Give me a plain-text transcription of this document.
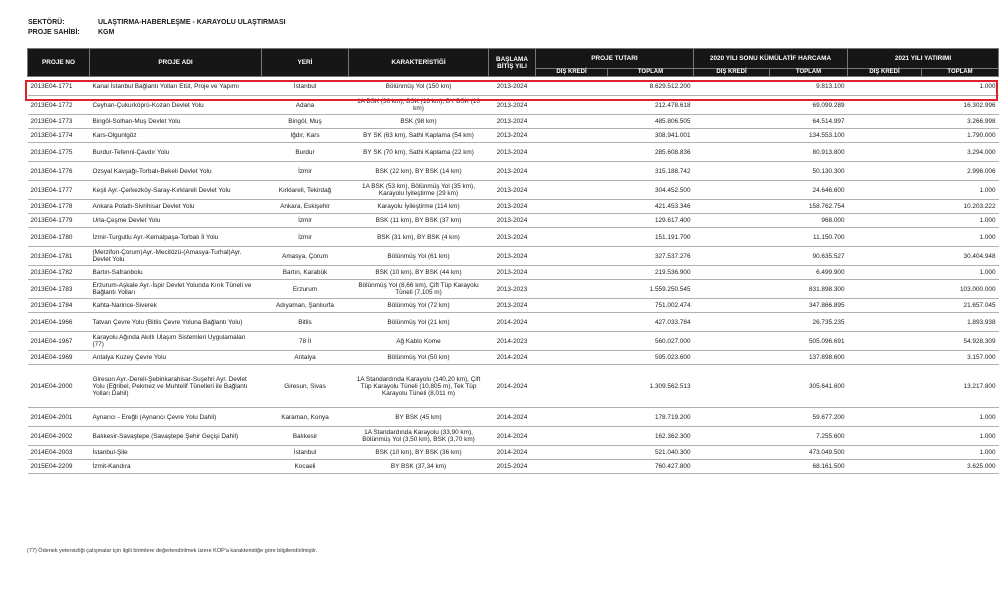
SEKTÖRÜ:	ULAŞTIRMA-HABERLEŞME - KARAYOLU ULAŞTIRMASI
PROJE SAHİBİ:	KGM
PROJE NO	PROJE ADI	YERİ	KARAKTERİSTİĞİ	BAŞLAMA BİTİŞ YILI	PROJE TUTARI		2020 YILI SONU KÜMÜLATİF HARCAMA		2021 YILI YATIRIMI	
					DIŞ KREDİ	TOPLAM	DIŞ KREDİ	TOPLAM	DIŞ KREDİ	TOPLAM
2013E04-1771	Kanal İstanbul Bağlantı Yolları Etüt, Proje ve Yapımı	İstanbul	Bölünmüş Yol (150 km)	2013-2024		8.629.512.200		9.813.100		1.000
2013E04-1772	Ceyhan-Çukurköprü-Kozan Devlet Yolu	Adana	1A BSK (30 km), BSK (16 km), BY BSK (10 km)	2013-2024		212.478.618		69.099.289		16.302.996
2013E04-1773	Bingöl-Solhan-Muş Devlet Yolu	Bingöl, Muş	BSK (98 km)	2013-2024		485.806.505		64.514.997		3.266.998
2013E04-1774	Kars-Olgunlgöz	Iğdır, Kars	BY SK (63 km), Sathi Kaplama (54 km)	2013-2024		308.941.001		134.553.100		1.790.000
2013E04-1775	Burdur-Tefenni-Çavdır Yolu	Burdur	BY SK (70 km), Sathi Kaplama (22 km)	2013-2024		285.608.836		80.913.800		3.294.000
2013E04-1776	Ozsyal Kavşağı-Torbalı-Bekeli Devlet Yolu	İzmir	BSK (22 km), BY BSK (14 km)	2013-2024		315.188.742		50.130.300		2.996.006
2013E04-1777	Keşli Ayr.-Çerkezköy-Saray-Kırklareli Devlet Yolu	Kırklareli, Tekirdağ	1A BSK (53 km), Bölünmüş Yol (35 km), Karayolu İyileştirme (29 km)	2013-2024		304.452.500		24.646.600		1.000
2013E04-1778	Ankara Polatlı-Sivrihisar Devlet Yolu	Ankara, Eskişehir	Karayolu İyileştirme (114 km)	2013-2024		421.453.346		158.762.754		10.203.222
2013E04-1779	Urla-Çeşme Devlet Yolu	İzmir	BSK (11 km), BY BSK (37 km)	2013-2024		129.617.400		968.000		1.000
2013E04-1780	İzmir-Turgutlu Ayr.-Kemalpaşa-Torbalı İl Yolu	İzmir	BSK (31 km), BY BSK (4 km)	2013-2024		151.191.700		11.150.700		1.000
2013E04-1781	(Merzifon-Çorum)Ayr.-Mecitözü-(Amasya-Turhal)Ayr. Devlet Yolu	Amasya, Çorum	Bölünmüş Yol (61 km)	2013-2024		327.537.276		90.635.527		30.404.948
2013E04-1782	Bartın-Safranbolu	Bartın, Karabük	BSK (10 km), BY BSK (44 km)	2013-2024		219.536.900		6.499.900		1.000
2013E04-1783	Erzurum-Aşkale Ayr.-İspir Devlet Yolunda Kırık Tüneli ve Bağlantı Yolları	Erzurum	Bölünmüş Yol (8,66 km), Çift Tüp Karayolu Tüneli (7,105 m)	2013-2023		1.559.250.545		831.898.300		103.000.000
2013E04-1784	Kahta-Narince-Siverek	Adıyaman, Şanlıurfa	Bölünmüş Yol (72 km)	2013-2024		751.002.474		347.866.895		21.657.045
2014E04-1966	Tatvan Çevre Yolu (Bitlis Çevre Yoluna Bağlantı Yolu)	Bitlis	Bölünmüş Yol (21 km)	2014-2024		427.033.784		26.735.235		1.893.938
2014E04-1967	Karayolu Ağında Akıllı Ulaşım Sistemleri Uygulamaları (77)	78 İl	Ağ Kablo Kome	2014-2023		560.027.000		505.096.691		54.928.309
2014E04-1969	Antalya Kuzey Çevre Yolu	Antalya	Bölünmüş Yol (50 km)	2014-2024		595.023.600		137.898.600		3.157.000
2014E04-2000	Giresun Ayr.-Dereli-Şebinkarahisar-Suşehri Ayr. Devlet Yolu (Eğribel, Pekmez ve Muhtelif Tünelleri ile Bağlantı Yolları Dahil)	Giresun, Sivas	1A Standardında Karayolu (140,20 km), Çift Tüp Karayolu Tüneli (10,805 m), Tek Tüp Karayolu Tüneli (8,011 m)	2014-2024		1.309.562.513		305.641.600		13.217.800
2014E04-2001	Aynarıcı - Ereğli (Aynarıcı Çevre Yolu Dahil)	Karaman, Konya	BY BSK (45 km)	2014-2024		178.719.200		59.677.200		1.000
2014E04-2002	Balıkesir-Savaştepe (Savaştepe Şehir Geçişi Dahil)	Balıkesir	1A Standardında Karayolu (33,90 km), Bölünmüş Yol (3,50 km), BSK (3,70 km)	2014-2024		162.362.300		7.255.600		1.000
2014E04-2003	İstanbul-Şile	İstanbul	BSK (10 km), BY BSK (36 km)	2014-2024		521.040.300		473.049.500		1.000
2015E04-2209	İzmit-Kandıra	Kocaeli	BY BSK (37,34 km)	2015-2024		760.427.800		68.161.500		3.625.000
(77) Ödenek yetersizliği çalışmalar için ilgili birimlere değerlendirilmek üzere KOP'a karakteristiğe göre bilgilendirilmiştir.
